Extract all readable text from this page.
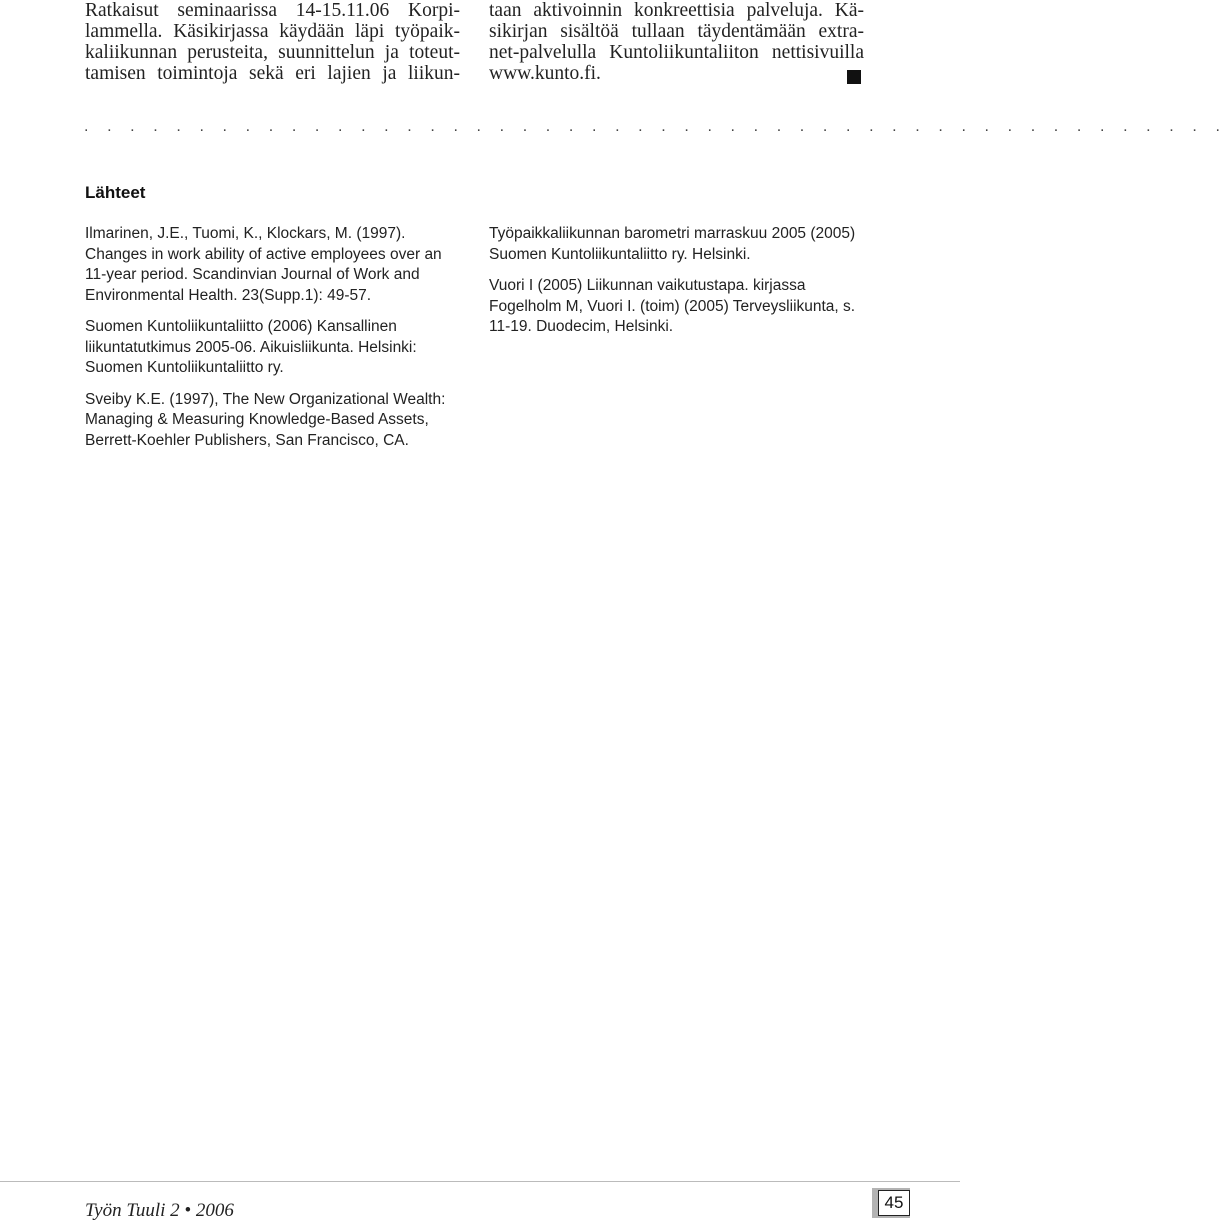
Ratkaisut seminaarissa 14-15.11.06 Korpi-
lammella. Käsikirjassa käydään läpi työpaik-
kaliikunnan perusteita, suunnittelun ja toteut-
tamisen toimintoja sekä eri lajien ja liikun-
taan aktivoinnin konkreettisia palveluja. Kä-
sikirjan sisältöä tullaan täydentämään extra-
net-palvelulla Kuntoliikuntaliiton nettisivuilla
www.kunto.fi.
. . . . . . . . . . . . . . . . . . . . . . . . . . . . . . . . . . . . . . . . . . . . . . . . . .
Lähteet

Ilmarinen, J.E., Tuomi, K., Klockars, M. (1997). Changes in work ability of active employees over an 11-year period. Scandinvian Journal of Work and Environmental Health. 23(Supp.1): 49-57.

Suomen Kuntoliikuntaliitto (2006) Kansallinen liikuntatutkimus 2005-06. Aikuisliikunta. Helsinki: Suomen Kuntoliikuntaliitto ry.

Sveiby K.E. (1997), The New Organizational Wealth: Managing & Measuring Knowledge-Based Assets, Berrett-Koehler Publishers, San Francisco, CA.

Työpaikkaliikunnan barometri marraskuu 2005 (2005) Suomen Kuntoliikuntaliitto ry. Helsinki.

Vuori I (2005) Liikunnan vaikutustapa. kirjassa Fogelholm M, Vuori I. (toim) (2005) Terveysliikunta, s. 11-19. Duodecim, Helsinki.

Työn Tuuli 2 • 2006	45
